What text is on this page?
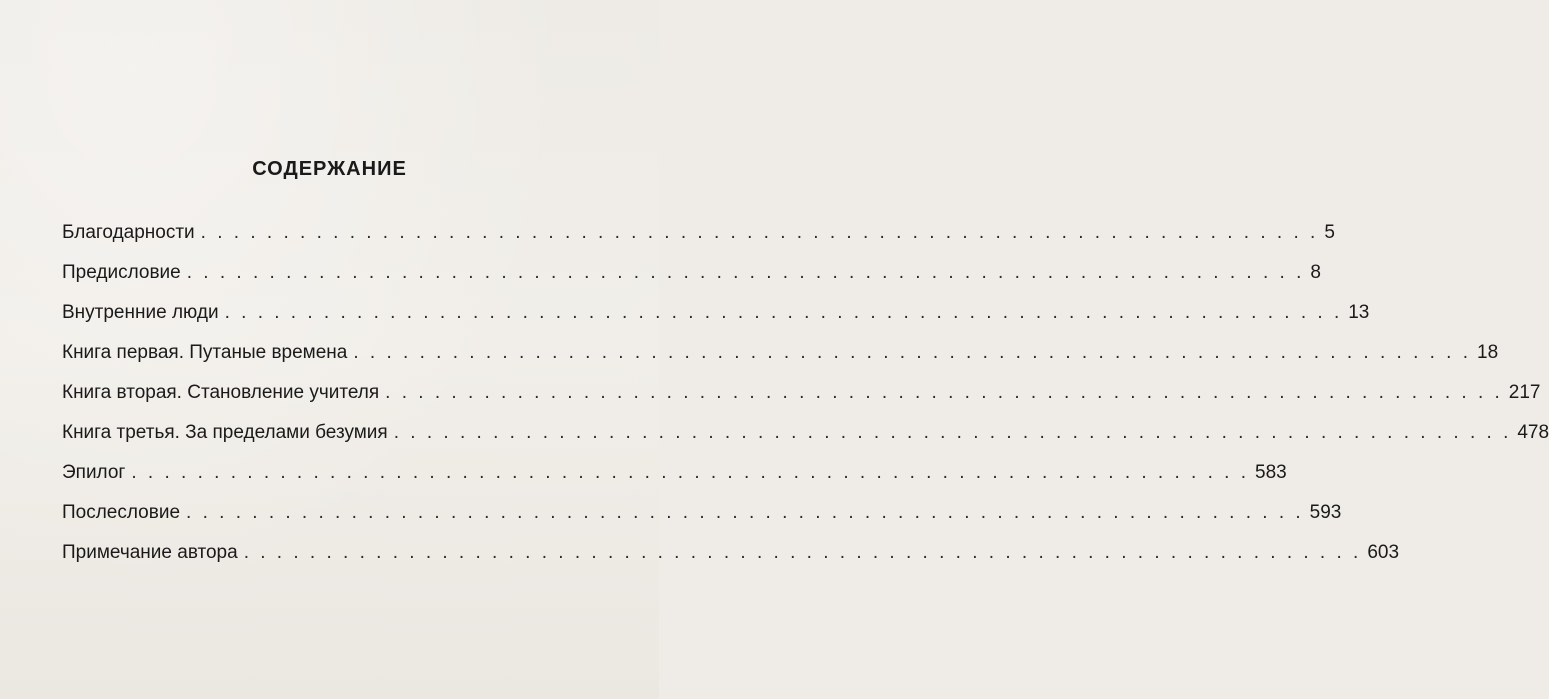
СОДЕРЖАНИЕ
Благодарности . . . . . . . . . . . . . . . . . . . . . . . . . . . . . . . . . . . . . . . . . . . . . . . . . . . . . . . . . . . . . . . . . . . . 5
Предисловие . . . . . . . . . . . . . . . . . . . . . . . . . . . . . . . . . . . . . . . . . . . . . . . . . . . . . . . . . . . . . . . . . . . . 8
Внутренние люди . . . . . . . . . . . . . . . . . . . . . . . . . . . . . . . . . . . . . . . . . . . . . . . . . . . . . . . . . . . . . . . . . . . . 13
Книга первая. Путаные времена . . . . . . . . . . . . . . . . . . . . . . . . . . . . . . . . . . . . . . . . . . . . . . . . . . . . . . . . . . . . . . . . . . . . 18
Книга вторая. Становление учителя . . . . . . . . . . . . . . . . . . . . . . . . . . . . . . . . . . . . . . . . . . . . . . . . . . . . . . . . . . . . . . . . . . . . 217
Книга третья. За пределами безумия . . . . . . . . . . . . . . . . . . . . . . . . . . . . . . . . . . . . . . . . . . . . . . . . . . . . . . . . . . . . . . . . . . . . 478
Эпилог . . . . . . . . . . . . . . . . . . . . . . . . . . . . . . . . . . . . . . . . . . . . . . . . . . . . . . . . . . . . . . . . . . . . 583
Послесловие . . . . . . . . . . . . . . . . . . . . . . . . . . . . . . . . . . . . . . . . . . . . . . . . . . . . . . . . . . . . . . . . . . . . 593
Примечание автора . . . . . . . . . . . . . . . . . . . . . . . . . . . . . . . . . . . . . . . . . . . . . . . . . . . . . . . . . . . . . . . . . . . . 603
